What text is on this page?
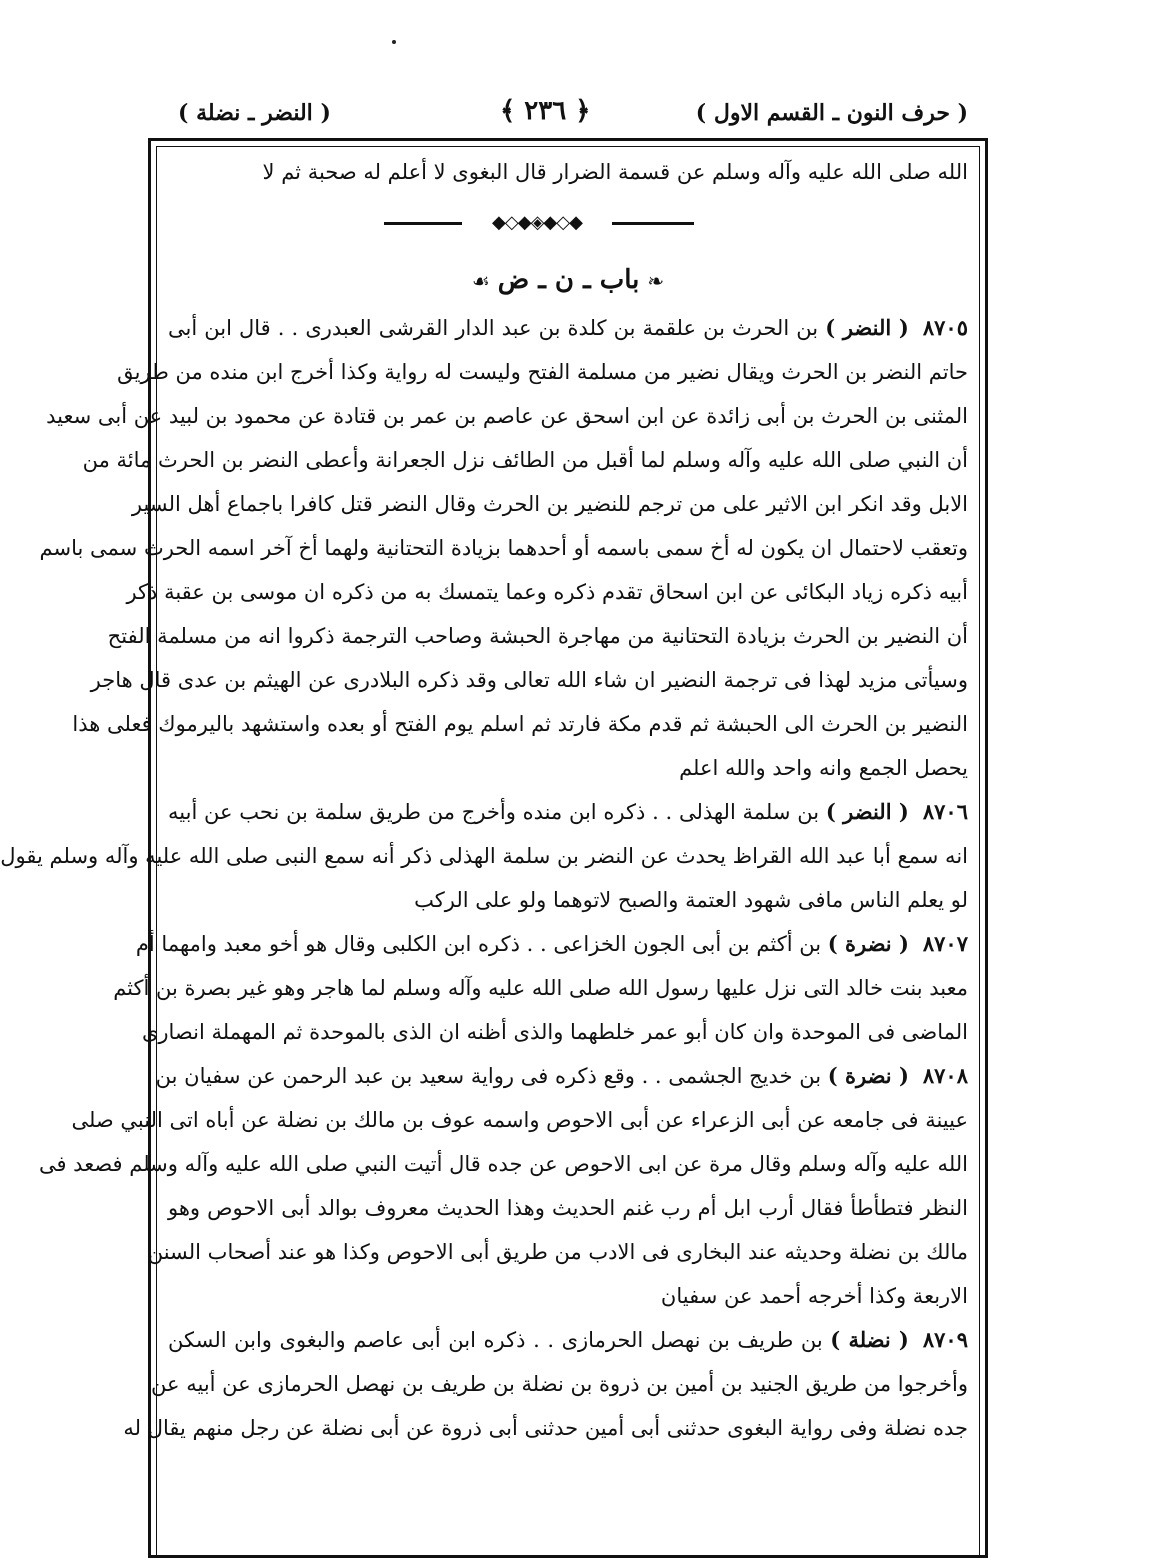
( النضر ـ نضلة )	﴿ ٢٣٦ ﴾	( حرف النون ـ القسم الاول )
الله صلى الله عليه وآله وسلم عن قسمة الضرار قال البغوى لا أعلم له صحبة ثم لا
◆◇◆◈◆◇◆
❧باب ـ ن ـ ض☙
٨٧٠٥( النضر ) بن الحرث بن علقمة بن كلدة بن عبد الدار القرشى العبدرى . . قال ابن أبى
حاتم النضر بن الحرث ويقال نضير من مسلمة الفتح وليست له رواية وكذا أخرج ابن منده من طريق
المثنى بن الحرث بن أبى زائدة عن ابن اسحق عن عاصم بن عمر بن قتادة عن محمود بن لبيد عن أبى سعيد
أن النبي صلى الله عليه وآله وسلم لما أقبل من الطائف نزل الجعرانة وأعطى النضر بن الحرث مائة من
الابل وقد انكر ابن الاثير على من ترجم للنضير بن الحرث وقال النضر قتل كافرا باجماع أهل السير
وتعقب لاحتمال ان يكون له أخ سمى باسمه أو أحدهما بزيادة التحتانية ولهما أخ آخر اسمه الحرث سمى باسم
أبيه ذكره زياد البكائى عن ابن اسحاق تقدم ذكره وعما يتمسك به من ذكره ان موسى بن عقبة ذكر
أن النضير بن الحرث بزيادة التحتانية من مهاجرة الحبشة وصاحب الترجمة ذكروا انه من مسلمة الفتح
وسيأتى مزيد لهذا فى ترجمة النضير ان شاء الله تعالى وقد ذكره البلادرى عن الهيثم بن عدى قال هاجر
النضير بن الحرث الى الحبشة ثم قدم مكة فارتد ثم اسلم يوم الفتح أو بعده واستشهد باليرموك فعلى هذا
يحصل الجمع وانه واحد والله اعلم
٨٧٠٦( النضر ) بن سلمة الهذلى . . ذكره ابن منده وأخرج من طريق سلمة بن نحب عن أبيه
انه سمع أبا عبد الله القراظ يحدث عن النضر بن سلمة الهذلى ذكر أنه سمع النبى صلى الله عليه وآله وسلم يقول
لو يعلم الناس مافى شهود العتمة والصبح لاتوهما ولو على الركب
٨٧٠٧( نضرة ) بن أكثم بن أبى الجون الخزاعى . . ذكره ابن الكلبى وقال هو أخو معبد وامهما أم
معبد بنت خالد التى نزل عليها رسول الله صلى الله عليه وآله وسلم لما هاجر وهو غير بصرة بن أكثم
الماضى فى الموحدة وان كان أبو عمر خلطهما والذى أظنه ان الذى بالموحدة ثم المهملة انصارى
٨٧٠٨( نضرة ) بن خديج الجشمى . . وقع ذكره فى رواية سعيد بن عبد الرحمن عن سفيان بن
عيينة فى جامعه عن أبى الزعراء عن أبى الاحوص واسمه عوف بن مالك بن نضلة عن أباه اتى النبي صلى
الله عليه وآله وسلم وقال مرة عن ابى الاحوص عن جده قال أتيت النبي صلى الله عليه وآله وسلم فصعد فى
النظر فتطأطأ فقال أرب ابل أم رب غنم الحديث وهذا الحديث معروف بوالد أبى الاحوص وهو
مالك بن نضلة وحديثه عند البخارى فى الادب من طريق أبى الاحوص وكذا هو عند أصحاب السنن
الاربعة وكذا أخرجه أحمد عن سفيان
٨٧٠٩( نضلة ) بن طريف بن نهصل الحرمازى . . ذكره ابن أبى عاصم والبغوى وابن السكن
وأخرجوا من طريق الجنيد بن أمين بن ذروة بن نضلة بن طريف بن نهصل الحرمازى عن أبيه عن
جده نضلة وفى رواية البغوى حدثنى أبى أمين حدثنى أبى ذروة عن أبى نضلة عن رجل منهم يقال له
